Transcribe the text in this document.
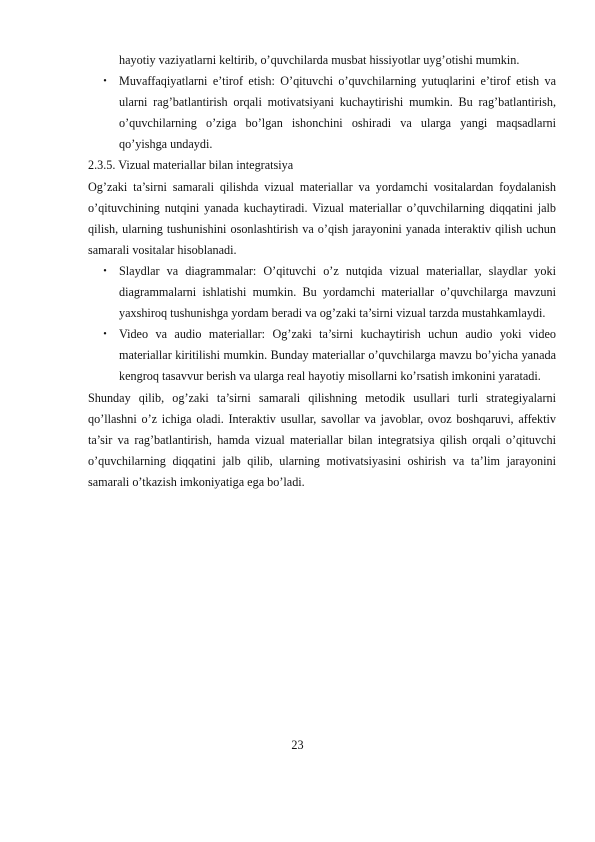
hayotiy vaziyatlarni keltirib, o’quvchilarda musbat hissiyotlar uyg’otishi mumkin.

• Muvaffaqiyatlarni e’tirof etish: O’qituvchi o’quvchilarning yutuqlarini e’tirof etish va ularni rag’batlantirish orqali motivatsiyani kuchaytirishi mumkin. Bu rag’batlantirish, o’quvchilarning o’ziga bo’lgan ishonchini oshiradi va ularga yangi maqsadlarni qo’yishga undaydi.

2.3.5. Vizual materiallar bilan integratsiya

Og’zaki ta’sirni samarali qilishda vizual materiallar va yordamchi vositalardan foydalanish o’qituvchining nutqini yanada kuchaytiradi. Vizual materiallar o’quvchilarning diqqatini jalb qilish, ularning tushunishini osonlashtirish va o’qish jarayonini yanada interaktiv qilish uchun samarali vositalar hisoblanadi.

• Slaydlar va diagrammalar: O’qituvchi o’z nutqida vizual materiallar, slaydlar yoki diagrammalarni ishlatishi mumkin. Bu yordamchi materiallar o’quvchilarga mavzuni yaxshiroq tushunishga yordam beradi va og’zaki ta’sirni vizual tarzda mustahkamlaydi.
• Video va audio materiallar: Og’zaki ta’sirni kuchaytirish uchun audio yoki video materiallar kiritilishi mumkin. Bunday materiallar o’quvchilarga mavzu bo’yicha yanada kengroq tasavvur berish va ularga real hayotiy misollarni ko’rsatish imkonini yaratadi.

Shunday qilib, og’zaki ta’sirni samarali qilishning metodik usullari turli strategiyalarni qo’llashni o’z ichiga oladi. Interaktiv usullar, savollar va javoblar, ovoz boshqaruvi, affektiv ta’sir va rag’batlantirish, hamda vizual materiallar bilan integratsiya qilish orqali o’qituvchi o’quvchilarning diqqatini jalb qilib, ularning motivatsiyasini oshirish va ta’lim jarayonini samarali o’tkazish imkoniyatiga ega bo’ladi.

23
